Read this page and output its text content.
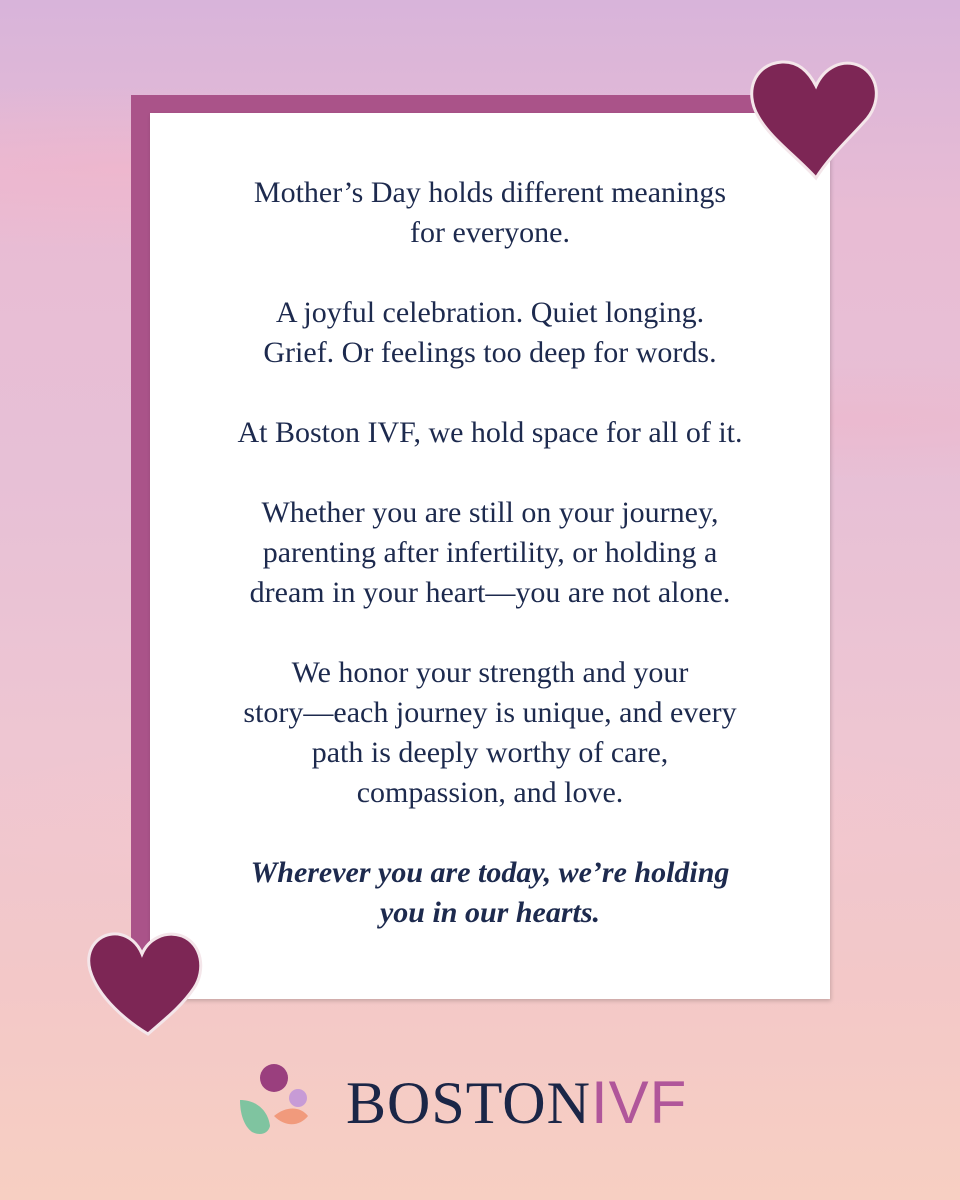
Mother’s Day holds different meanings
for everyone.

A joyful celebration. Quiet longing.
Grief. Or feelings too deep for words.

At Boston IVF, we hold space for all of it.

Whether you are still on your journey,
parenting after infertility, or holding a
dream in your heart—you are not alone.

We honor your strength and your
story—each journey is unique, and every
path is deeply worthy of care,
compassion, and love.

Wherever you are today, we’re holding
you in our hearts.

BOSTONIVF
